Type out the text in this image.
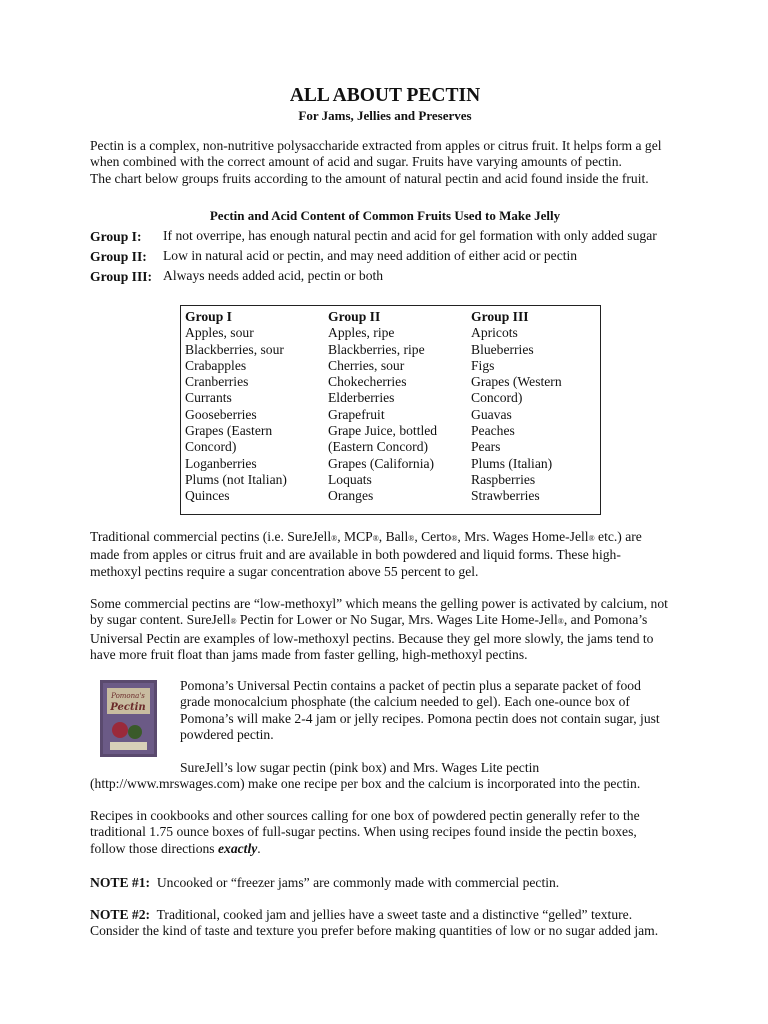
ALL ABOUT PECTIN
For Jams, Jellies and Preserves
Pectin is a complex, non-nutritive polysaccharide extracted from apples or citrus fruit. It helps form a gel
when combined with the correct amount of acid and sugar. Fruits have varying amounts of pectin.
The chart below groups fruits according to the amount of natural pectin and acid found inside the fruit.
Pectin and Acid Content of Common Fruits Used to Make Jelly
Group I: If not overripe, has enough natural pectin and acid for gel formation with only added sugar
Group II: Low in natural acid or pectin, and may need addition of either acid or pectin
Group III: Always needs added acid, pectin or both
Group I
Apples, sour
Blackberries, sour
Crabapples
Cranberries
Currants
Gooseberries
Grapes (Eastern
Concord)
Loganberries
Plums (not Italian)
Quinces
Group II
Apples, ripe
Blackberries, ripe
Cherries, sour
Chokecherries
Elderberries
Grapefruit
Grape Juice, bottled
(Eastern Concord)
Grapes (California)
Loquats
Oranges
Group III
Apricots
Blueberries
Figs
Grapes (Western
Concord)
Guavas
Peaches
Pears
Plums (Italian)
Raspberries
Strawberries
Traditional commercial pectins (i.e. SureJell®, MCP®, Ball®, Certo®, Mrs. Wages Home-Jell® etc.) are
made from apples or citrus fruit and are available in both powdered and liquid forms. These high-
methoxyl pectins require a sugar concentration above 55 percent to gel.
Some commercial pectins are “low-methoxyl” which means the gelling power is activated by calcium, not
by sugar content. SureJell® Pectin for Lower or No Sugar, Mrs. Wages Lite Home-Jell®, and Pomona’s
Universal Pectin are examples of low-methoxyl pectins. Because they gel more slowly, the jams tend to
have more fruit float than jams made from faster gelling, high-methoxyl pectins.
Pomona’s Universal Pectin contains a packet of pectin plus a separate packet of food
grade monocalcium phosphate (the calcium needed to gel). Each one-ounce box of
Pomona’s will make 2-4 jam or jelly recipes. Pomona pectin does not contain sugar, just
powdered pectin.
SureJell’s low sugar pectin (pink box) and Mrs. Wages Lite pectin
(http://www.mrswages.com) make one recipe per box and the calcium is incorporated into the pectin.
Recipes in cookbooks and other sources calling for one box of powdered pectin generally refer to the
traditional 1.75 ounce boxes of full-sugar pectins. When using recipes found inside the pectin boxes,
follow those directions exactly.
NOTE #1:  Uncooked or “freezer jams” are commonly made with commercial pectin.
NOTE #2:  Traditional, cooked jam and jellies have a sweet taste and a distinctive “gelled” texture.
Consider the kind of taste and texture you prefer before making quantities of low or no sugar added jam.
Pomona's
Pectin
